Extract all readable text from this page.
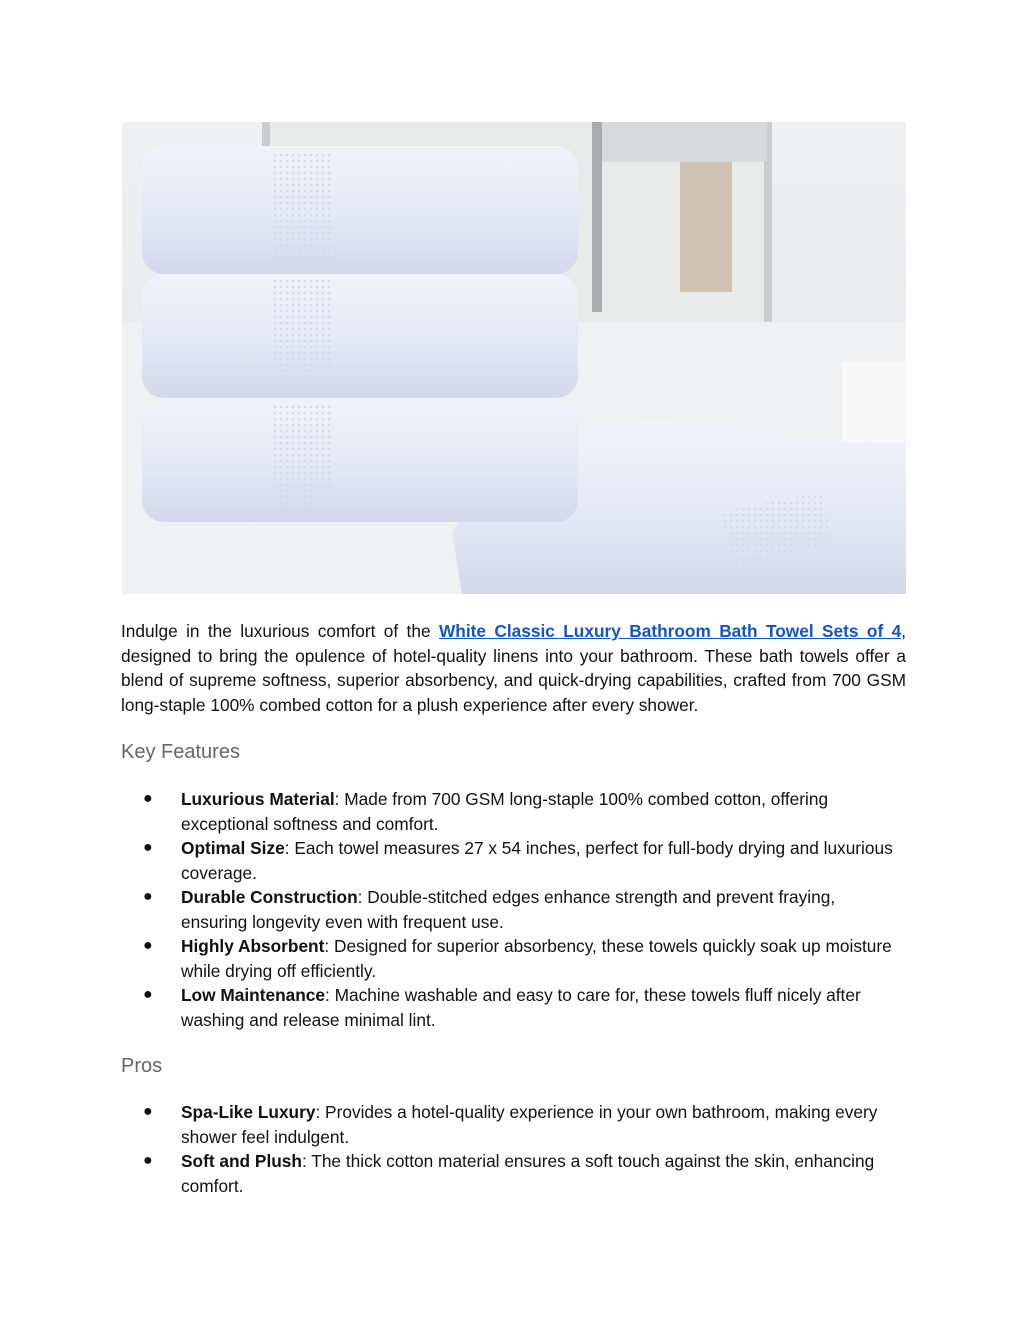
Indulge in the luxurious comfort of the White Classic Luxury Bathroom Bath Towel Sets of 4, designed to bring the opulence of hotel-quality linens into your bathroom. These bath towels offer a blend of supreme softness, superior absorbency, and quick-drying capabilities, crafted from 700 GSM long-staple 100% combed cotton for a plush experience after every shower.

Key Features
● Luxurious Material: Made from 700 GSM long-staple 100% combed cotton, offering exceptional softness and comfort.
● Optimal Size: Each towel measures 27 x 54 inches, perfect for full-body drying and luxurious coverage.
● Durable Construction: Double-stitched edges enhance strength and prevent fraying, ensuring longevity even with frequent use.
● Highly Absorbent: Designed for superior absorbency, these towels quickly soak up moisture while drying off efficiently.
● Low Maintenance: Machine washable and easy to care for, these towels fluff nicely after washing and release minimal lint.
Pros
● Spa-Like Luxury: Provides a hotel-quality experience in your own bathroom, making every shower feel indulgent.
● Soft and Plush: The thick cotton material ensures a soft touch against the skin, enhancing comfort.
